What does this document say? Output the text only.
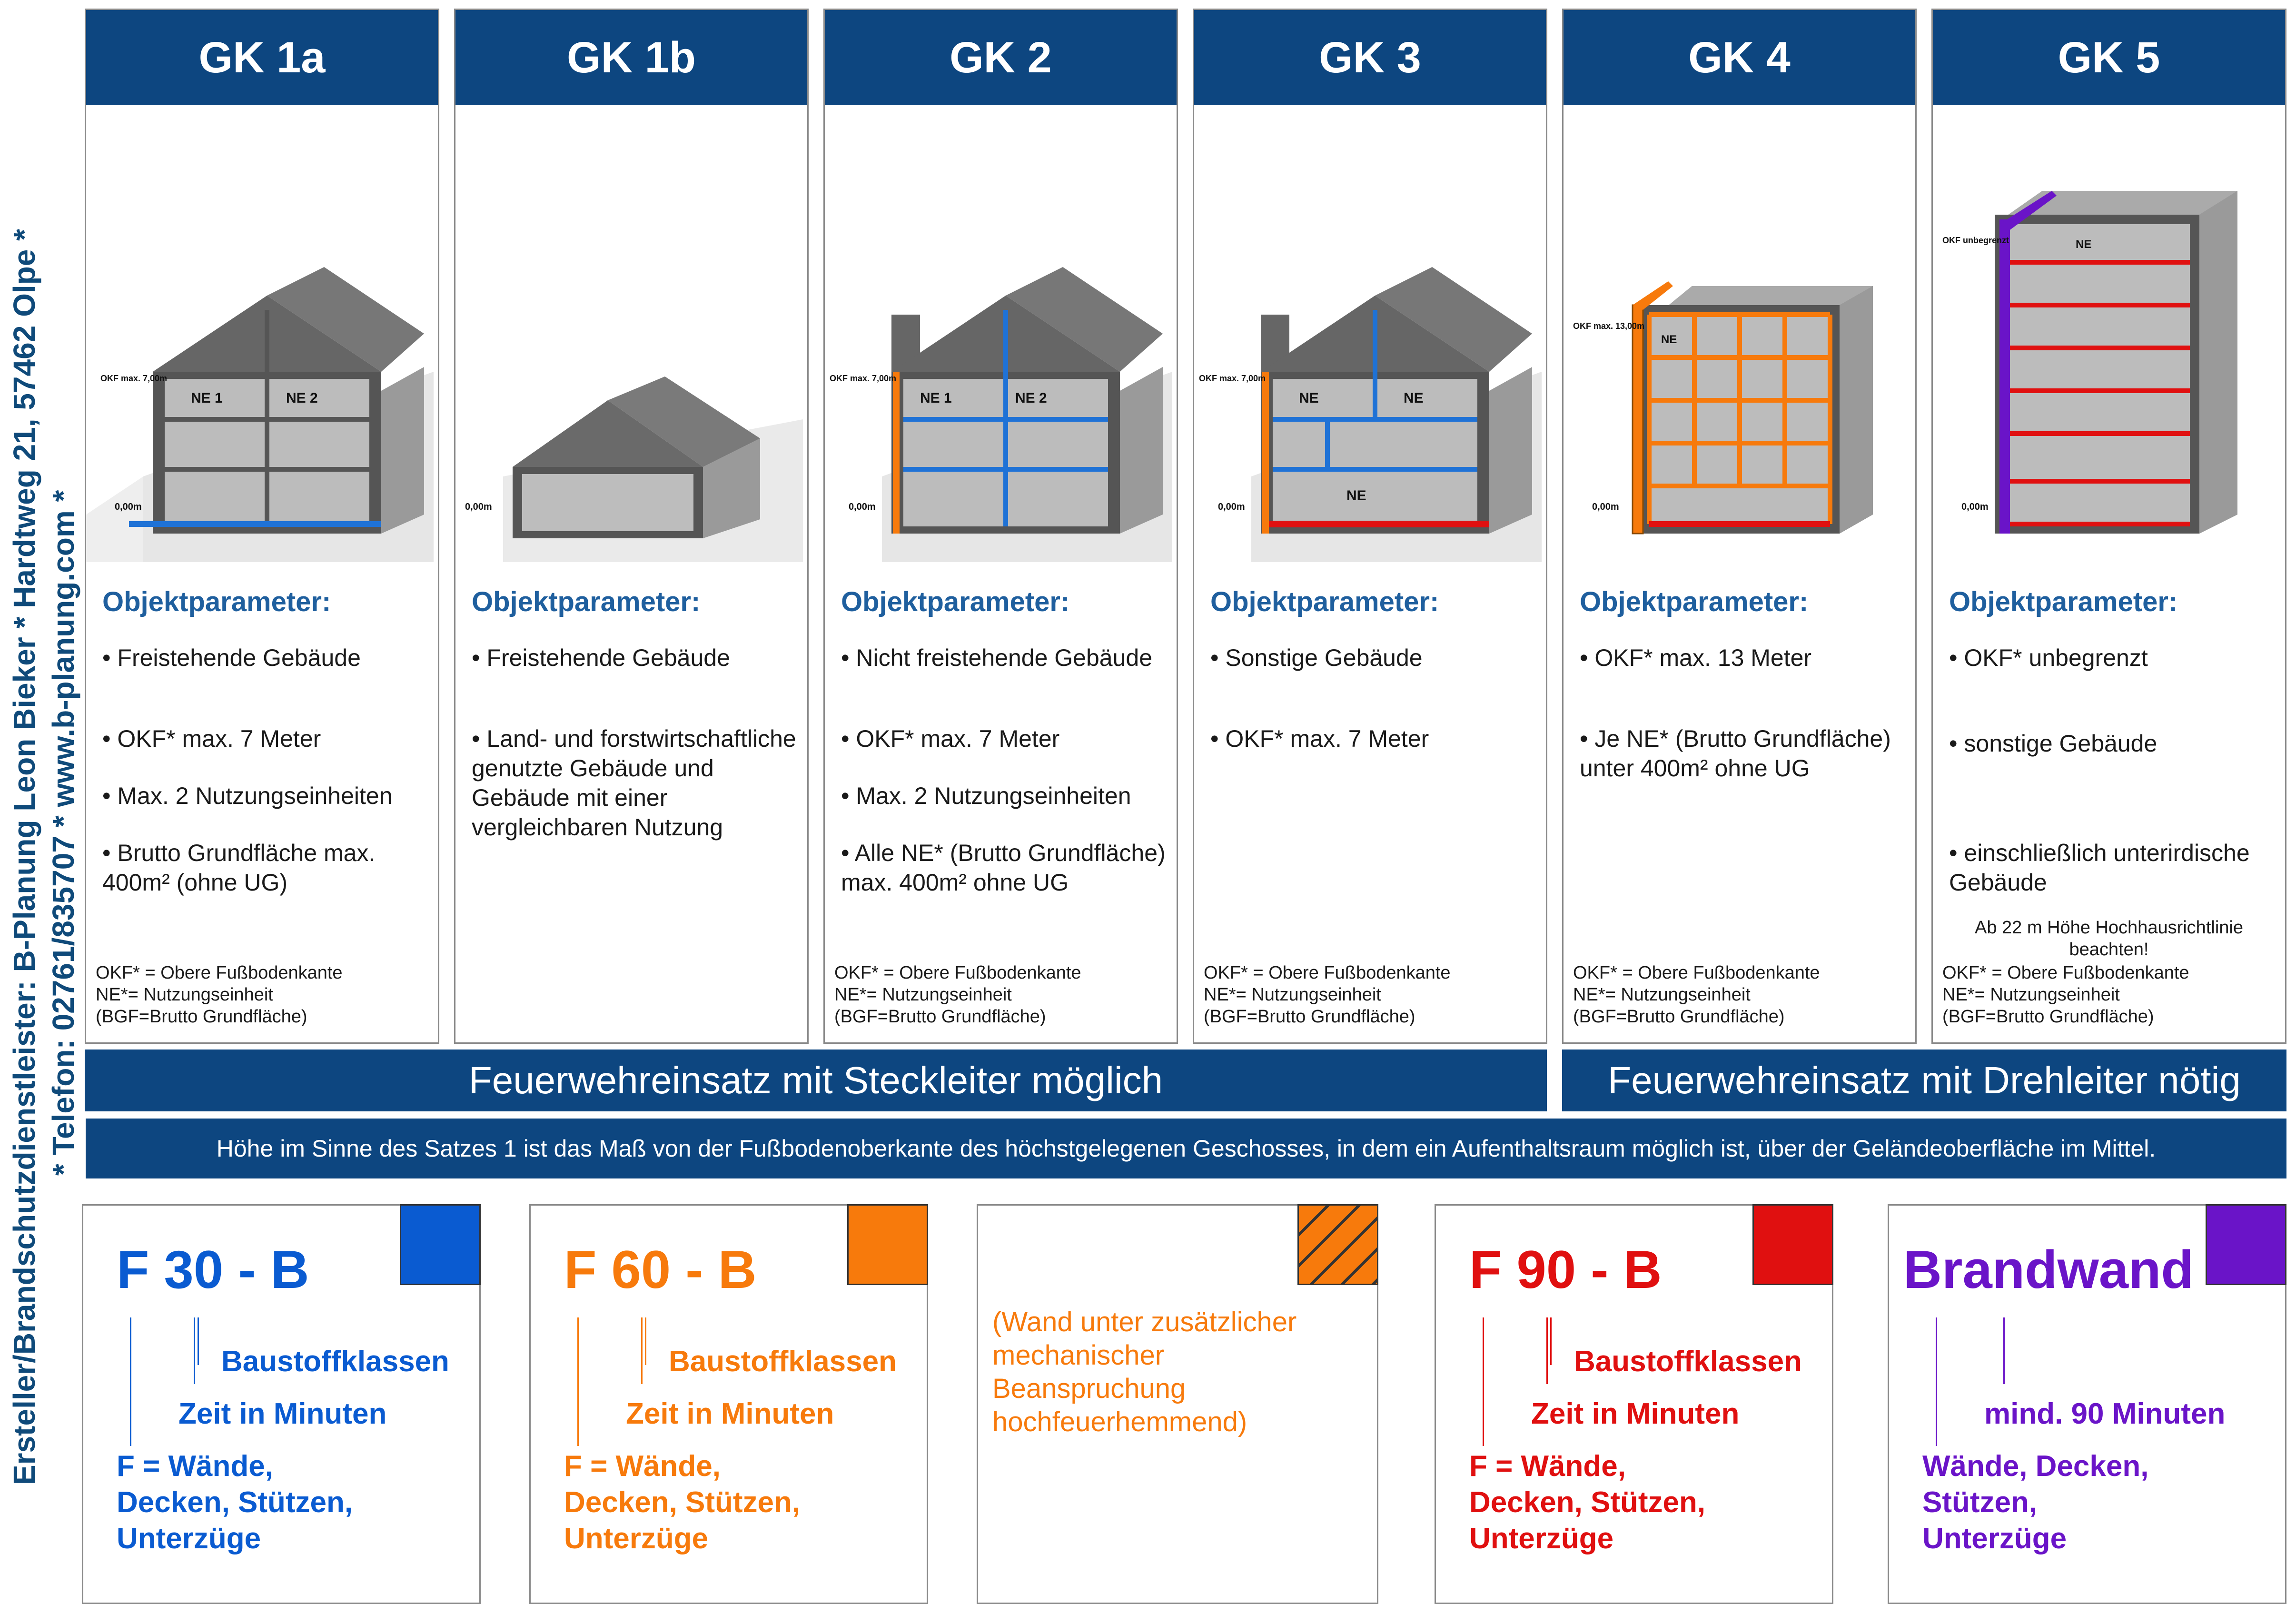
Ersteller/Brandschutzdienstleister: B-Planung Leon Bieker * Hardtweg 21, 57462 Olpe * * Telefon: 02761/835707 * www.b-planung.com *
GK 1a
NE 1	NE 2
OKF max. 7,00m
0,00m
Objektparameter:
• Freistehende Gebäude
• OKF* max. 7 Meter
• Max. 2 Nutzungseinheiten
• Brutto Grundfläche max. 400m² (ohne UG)
OKF* = Obere Fußbodenkante
NE*= Nutzungseinheit
(BGF=Brutto Grundfläche)
GK 1b
0,00m
Objektparameter:
• Freistehende Gebäude
• Land- und forstwirtschaftliche genutzte Gebäude und Gebäude mit einer vergleichbaren Nutzung
GK 2
NE 1	NE 2
OKF max. 7,00m
0,00m
Objektparameter:
• Nicht freistehende Gebäude
• OKF* max. 7 Meter
• Max. 2 Nutzungseinheiten
• Alle NE* (Brutto Grundfläche) max. 400m² ohne UG
OKF* = Obere Fußbodenkante
NE*= Nutzungseinheit
(BGF=Brutto Grundfläche)
GK 3
NE	NE
NE
OKF max. 7,00m
0,00m
Objektparameter:
• Sonstige Gebäude
• OKF* max. 7 Meter
OKF* = Obere Fußbodenkante
NE*= Nutzungseinheit
(BGF=Brutto Grundfläche)
GK 4
NE
OKF max. 13,00m
0,00m
Objektparameter:
• OKF* max. 13 Meter
• Je NE* (Brutto Grundfläche) unter 400m² ohne UG
OKF* = Obere Fußbodenkante
NE*= Nutzungseinheit
(BGF=Brutto Grundfläche)
GK 5
NE
OKF unbegrenzt
0,00m
Objektparameter:
• OKF* unbegrenzt
• sonstige Gebäude
• einschließlich unterirdische Gebäude
Ab 22 m Höhe Hochhausrichtlinie beachten!
OKF* = Obere Fußbodenkante
NE*= Nutzungseinheit
(BGF=Brutto Grundfläche)
Feuerwehreinsatz mit Steckleiter möglich	Feuerwehreinsatz mit Drehleiter nötig
Höhe im Sinne des Satzes 1 ist das Maß von der Fußbodenoberkante des höchstgelegenen Geschosses, in dem ein Aufenthaltsraum möglich ist, über der Geländeoberfläche im Mittel.
F 30 - B
Baustoffklassen
Zeit in Minuten
F = Wände, Decken, Stützen, Unterzüge
F 60 - B
Baustoffklassen
Zeit in Minuten
F = Wände, Decken, Stützen, Unterzüge
(Wand unter zusätzlicher mechanischer Beanspruchung hochfeuerhemmend)
F 90 - B
Baustoffklassen
Zeit in Minuten
F = Wände, Decken, Stützen, Unterzüge
Brandwand
mind. 90 Minuten
Wände, Decken, Stützen, Unterzüge
